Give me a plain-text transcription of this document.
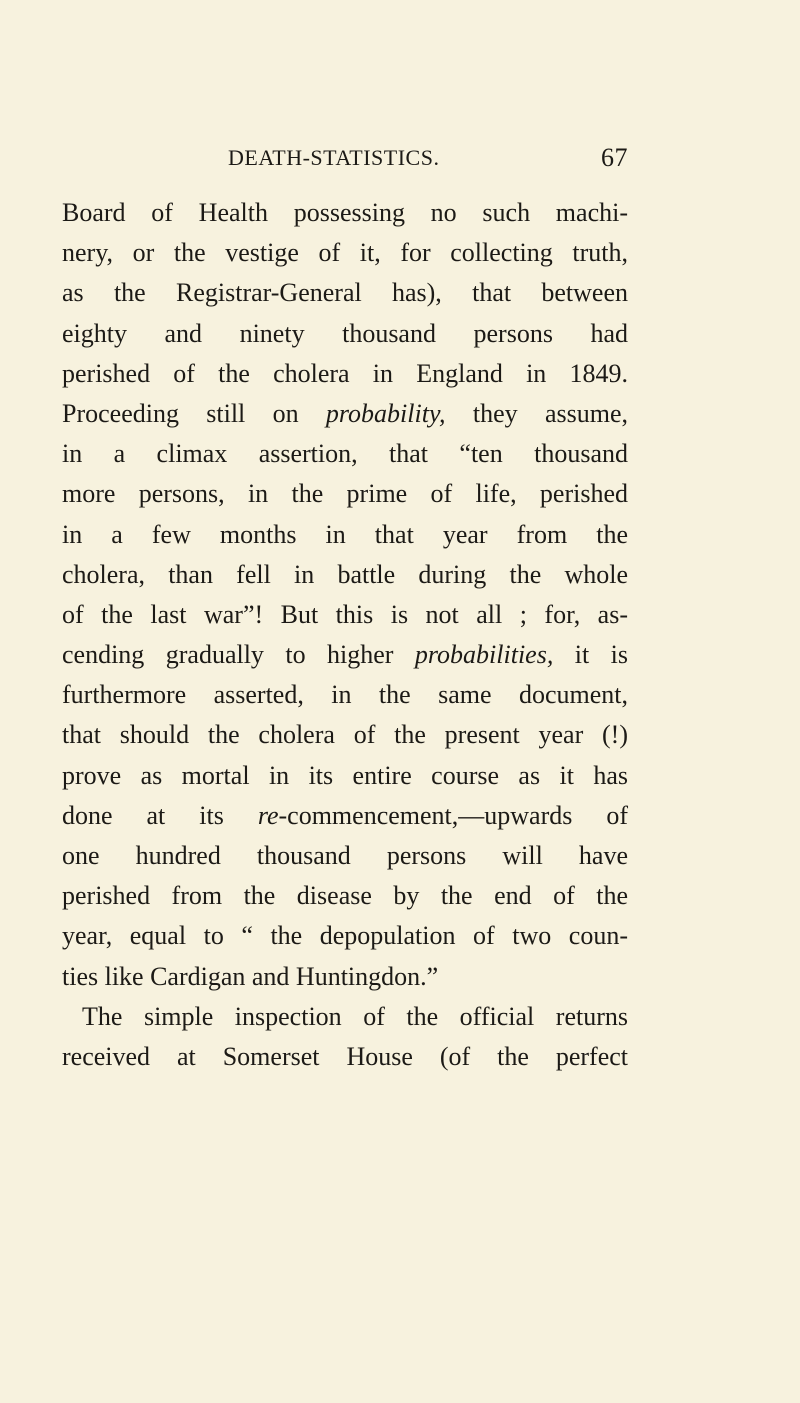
DEATH-STATISTICS.	67
Board of Health possessing no such machi-
nery, or the vestige of it, for collecting truth,
as the Registrar-General has), that between
eighty and ninety thousand persons had
perished of the cholera in England in 1849.
Proceeding still on probability, they assume,
in a climax assertion, that “ten thousand
more persons, in the prime of life, perished
in a few months in that year from the
cholera, than fell in battle during the whole
of the last war”! But this is not all ; for, as-
cending gradually to higher probabilities, it is
furthermore asserted, in the same document,
that should the cholera of the present year (!)
prove as mortal in its entire course as it has
done at its re-commencement,—upwards of
one hundred thousand persons will have
perished from the disease by the end of the
year, equal to “ the depopulation of two coun-
ties like Cardigan and Huntingdon.”
The simple inspection of the official returns
received at Somerset House (of the perfect
